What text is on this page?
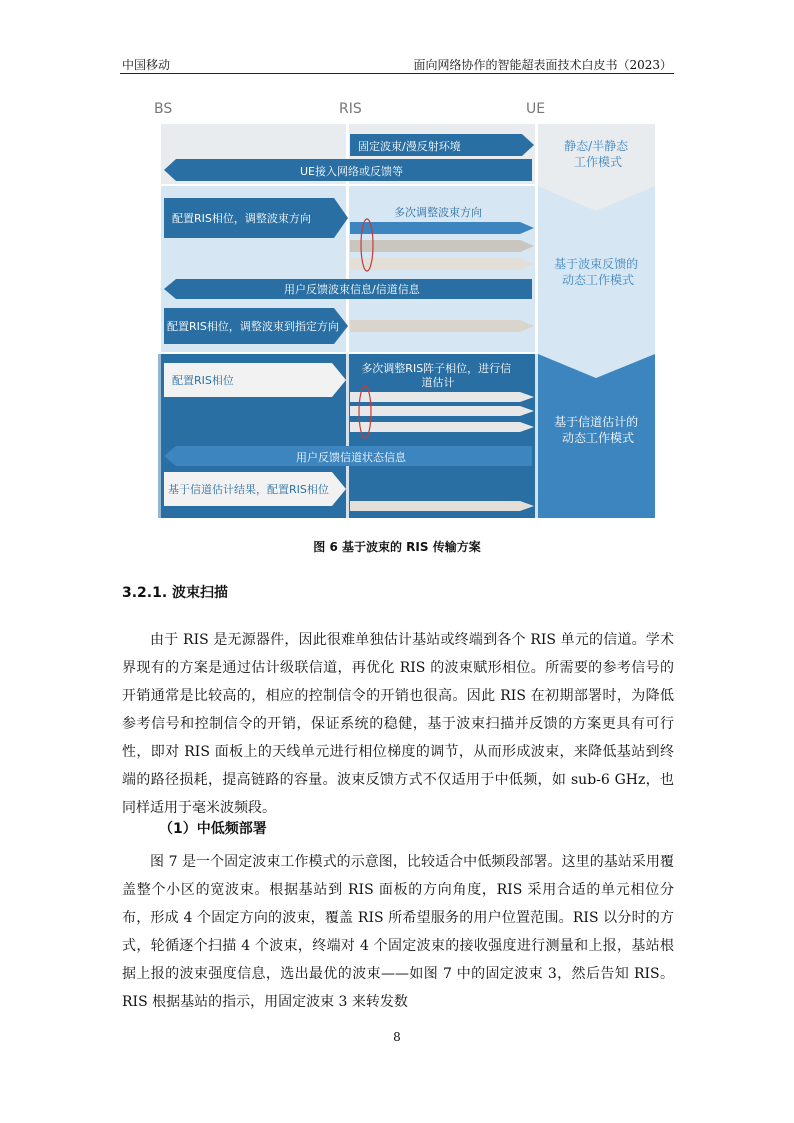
中国移动	面向网络协作的智能超表面技术白皮书（2023）
BS	RIS	UE
固定波束/漫反射环境
UE接入网络或反馈等
静态/半静态 工作模式
配置RIS相位，调整波束方向	多次调整波束方向
用户反馈波束信息/信道信息
配置RIS相位，调整波束到指定方向
基于波束反馈的 动态工作模式
配置RIS相位
多次调整RIS阵子相位，进行信 道估计
用户反馈信道状态信息
基于信道估计结果，配置RIS相位
基于信道估计的 动态工作模式
图 6 基于波束的 RIS 传输方案
3.2.1. 波束扫描

由于 RIS 是无源器件，因此很难单独估计基站或终端到各个 RIS 单元的信道。学术界现有的方案是通过估计级联信道，再优化 RIS 的波束赋形相位。所需要的参考信号的开销通常是比较高的，相应的控制信令的开销也很高。因此 RIS 在初期部署时，为降低参考信号和控制信令的开销，保证系统的稳健，基于波束扫描并反馈的方案更具有可行性，即对 RIS 面板上的天线单元进行相位梯度的调节，从而形成波束，来降低基站到终端的路径损耗，提高链路的容量。波束反馈方式不仅适用于中低频，如 sub-6 GHz，也同样适用于毫米波频段。

（1）中低频部署

图 7 是一个固定波束工作模式的示意图，比较适合中低频段部署。这里的基站采用覆盖整个小区的宽波束。根据基站到 RIS 面板的方向角度，RIS 采用合适的单元相位分布，形成 4 个固定方向的波束，覆盖 RIS 所希望服务的用户位置范围。RIS 以分时的方式，轮循逐个扫描 4 个波束，终端对 4 个固定波束的接收强度进行测量和上报，基站根据上报的波束强度信息，选出最优的波束——如图 7 中的固定波束 3，然后告知 RIS。RIS 根据基站的指示，用固定波束 3 来转发数

8
